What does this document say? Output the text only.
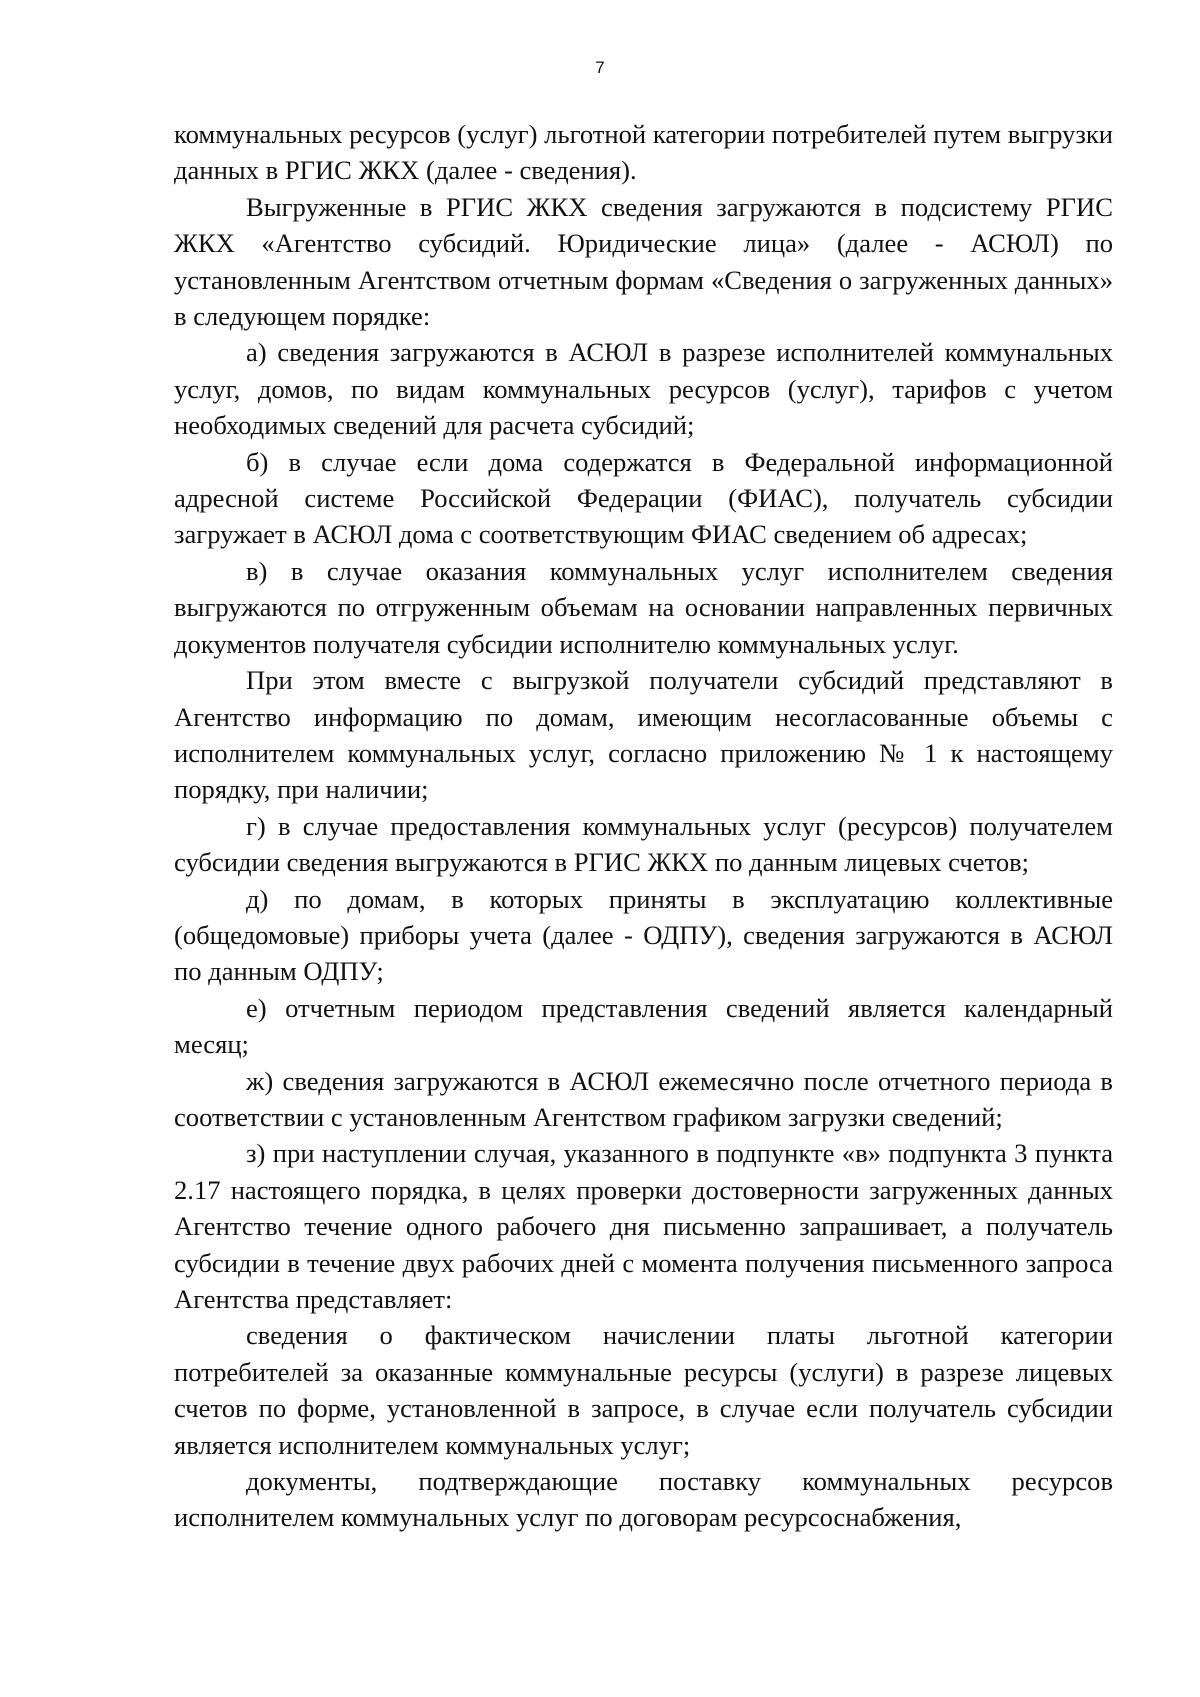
7

коммунальных ресурсов (услуг) льготной категории потребителей путем выгрузки данных в РГИС ЖКХ (далее - сведения).

Выгруженные в РГИС ЖКХ сведения загружаются в подсистему РГИС ЖКХ «Агентство субсидий. Юридические лица» (далее - АСЮЛ) по установленным Агентством отчетным формам «Сведения о загруженных данных» в следующем порядке:

а) сведения загружаются в АСЮЛ в разрезе исполнителей коммунальных услуг, домов, по видам коммунальных ресурсов (услуг), тарифов с учетом необходимых сведений для расчета субсидий;

б) в случае если дома содержатся в Федеральной информационной адресной системе Российской Федерации (ФИАС), получатель субсидии загружает в АСЮЛ дома с соответствующим ФИАС сведением об адресах;

в) в случае оказания коммунальных услуг исполнителем сведения выгружаются по отгруженным объемам на основании направленных первичных документов получателя субсидии исполнителю коммунальных услуг.

При этом вместе с выгрузкой получатели субсидий представляют в Агентство информацию по домам, имеющим несогласованные объемы с исполнителем коммунальных услуг, согласно приложению № 1 к настоящему порядку, при наличии;

г) в случае предоставления коммунальных услуг (ресурсов) получателем субсидии сведения выгружаются в РГИС ЖКХ по данным лицевых счетов;

д) по домам, в которых приняты в эксплуатацию коллективные (общедомовые) приборы учета (далее - ОДПУ), сведения загружаются в АСЮЛ по данным ОДПУ;

е) отчетным периодом представления сведений является календарный месяц;

ж) сведения загружаются в АСЮЛ ежемесячно после отчетного периода в соответствии с установленным Агентством графиком загрузки сведений;

з) при наступлении случая, указанного в подпункте «в» подпункта 3 пункта 2.17 настоящего порядка, в целях проверки достоверности загруженных данных Агентство течение одного рабочего дня письменно запрашивает, а получатель субсидии в течение двух рабочих дней с момента получения письменного запроса Агентства представляет:

сведения о фактическом начислении платы льготной категории потребителей за оказанные коммунальные ресурсы (услуги) в разрезе лицевых счетов по форме, установленной в запросе, в случае если получатель субсидии является исполнителем коммунальных услуг;

документы, подтверждающие поставку коммунальных ресурсов исполнителем коммунальных услуг по договорам ресурсоснабжения,
